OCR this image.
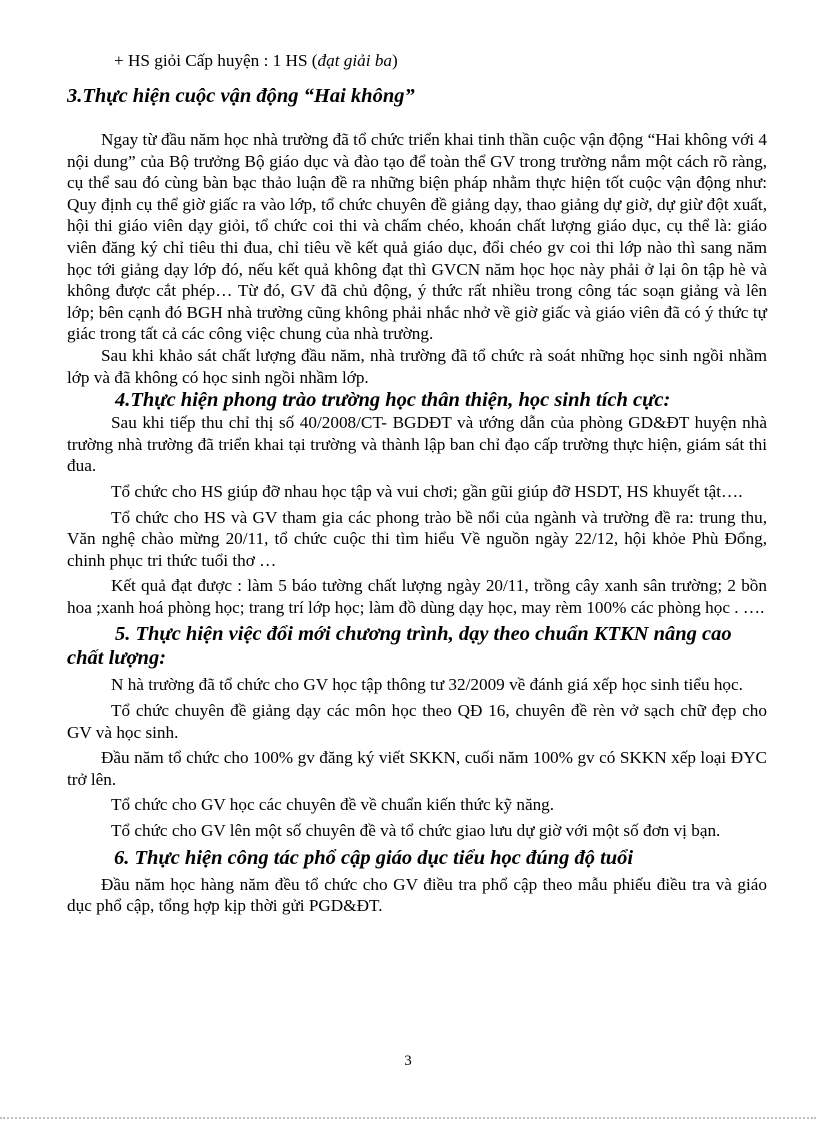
+ HS giỏi Cấp huyện : 1 HS (đạt giải ba)

3.Thực hiện cuộc vận động “Hai không”

Ngay từ đầu năm học nhà trường đã tổ chức triển khai tinh thần cuộc vận động “Hai không với 4 nội dung” của Bộ trưởng Bộ giáo dục và đào tạo để toàn thể GV trong trường nắm một cách rõ ràng, cụ thể sau đó cùng bàn bạc thảo luận đề ra những biện pháp nhằm thực hiện tốt cuộc vận động như: Quy định cụ thể giờ giấc ra vào lớp, tổ chức chuyên đề giảng dạy, thao giảng dự giờ, dự giừ đột xuất, hội thi giáo viên dạy giỏi, tổ chức coi thi và chấm chéo, khoán chất lượng giáo dục, cụ thể là: giáo viên đăng ký chỉ tiêu thi đua, chỉ tiêu về kết quả giáo dục, đổi chéo gv coi thi lớp nào thì sang năm học tới giảng dạy lớp đó, nếu kết quả không đạt thì GVCN năm học học này phải ở lại ôn tập hè và không được cắt phép… Từ đó, GV đã chủ động, ý thức rất nhiều trong công tác soạn giảng và lên lớp; bên cạnh đó BGH nhà trường cũng không phải nhắc nhở về giờ giấc và giáo viên đã có ý thức tự giác trong tất cả các công việc chung của nhà trường.

Sau khi khảo sát chất lượng đầu năm, nhà trường đã tổ chức rà soát những học sinh ngồi nhầm lớp và đã không có học sinh ngồi nhầm lớp.

4.Thực hiện phong trào trường học thân thiện, học sinh tích cực:

Sau khi tiếp thu chỉ thị số 40/2008/CT- BGDĐT và ướng dẫn của phòng GD&ĐT huyện nhà trường nhà trường đã triển khai tại trường và thành lập ban chỉ đạo cấp trường thực hiện, giám sát thi đua.

Tổ chức cho HS giúp đỡ nhau học tập và vui chơi; gần gũi giúp đỡ HSDT, HS khuyết tật….

Tổ chức cho HS và GV tham gia các phong trào bề nổi của ngành và trường đề ra: trung thu, Văn nghệ chào mừng 20/11, tổ chức cuộc thi tìm hiểu Về nguồn ngày 22/12, hội khỏe Phù Đổng, chinh phục tri thức tuổi thơ …

Kết quả đạt được : làm 5 báo tường chất lượng ngày 20/11, trồng cây xanh sân trường; 2 bồn hoa ;xanh hoá phòng học; trang trí lớp học; làm đồ dùng dạy học, may rèm 100% các phòng học . ….

5. Thực hiện việc đổi mới chương trình, dạy theo chuẩn KTKN nâng cao chất lượng:

N hà trường đã tổ chức cho GV học tập thông tư 32/2009 về đánh giá xếp học sinh tiểu học.

Tổ chức chuyên đề giảng dạy các môn học theo QĐ 16, chuyên đề rèn vở sạch chữ đẹp cho GV và học sinh.

Đầu năm tổ chức cho 100% gv đăng ký viết SKKN, cuối năm 100% gv có SKKN xếp loại ĐYC trở lên.

Tổ chức cho GV học các chuyên đề về chuẩn kiến thức kỹ năng.

Tổ chức cho GV lên một số chuyên đề và tổ chức giao lưu dự giờ với một số đơn vị bạn.

6. Thực hiện công tác phổ cập giáo dục tiểu học đúng độ tuổi

Đầu năm học hàng năm đều tổ chức cho GV điều tra phổ cập theo mẫu phiếu điều tra và giáo dục phổ cập, tổng hợp kịp thời gửi PGD&ĐT.

3
